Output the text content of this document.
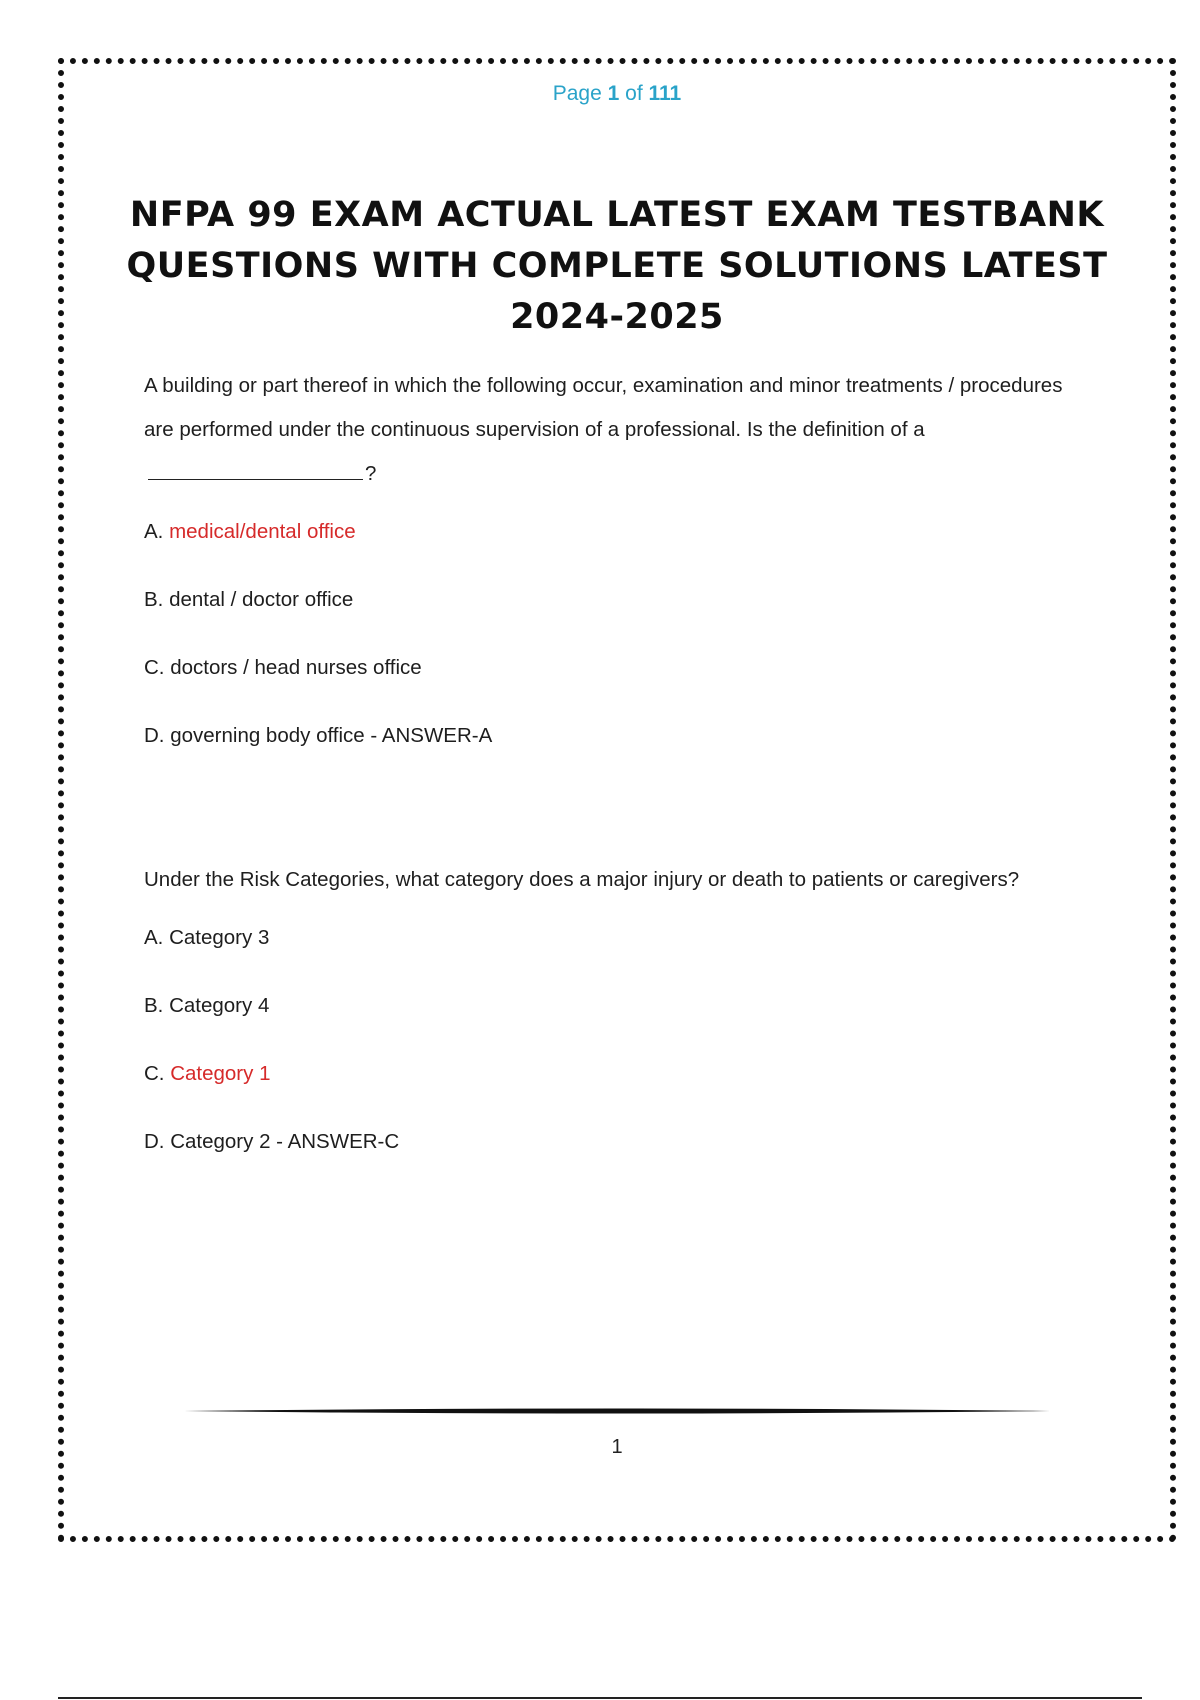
Page 1 of 111
NFPA 99 EXAM ACTUAL LATEST EXAM TESTBANK QUESTIONS WITH COMPLETE SOLUTIONS LATEST 2024-2025

A building or part thereof in which the following occur, examination and minor treatments / procedures are performed under the continuous supervision of a professional. Is the definition of a?

A. medical/dental office

B. dental / doctor office

C. doctors / head nurses office

D. governing body office - ANSWER-A

Under the Risk Categories, what category does a major injury or death to patients or caregivers?

A. Category 3

B. Category 4

C. Category 1

D. Category 2 - ANSWER-C

1
